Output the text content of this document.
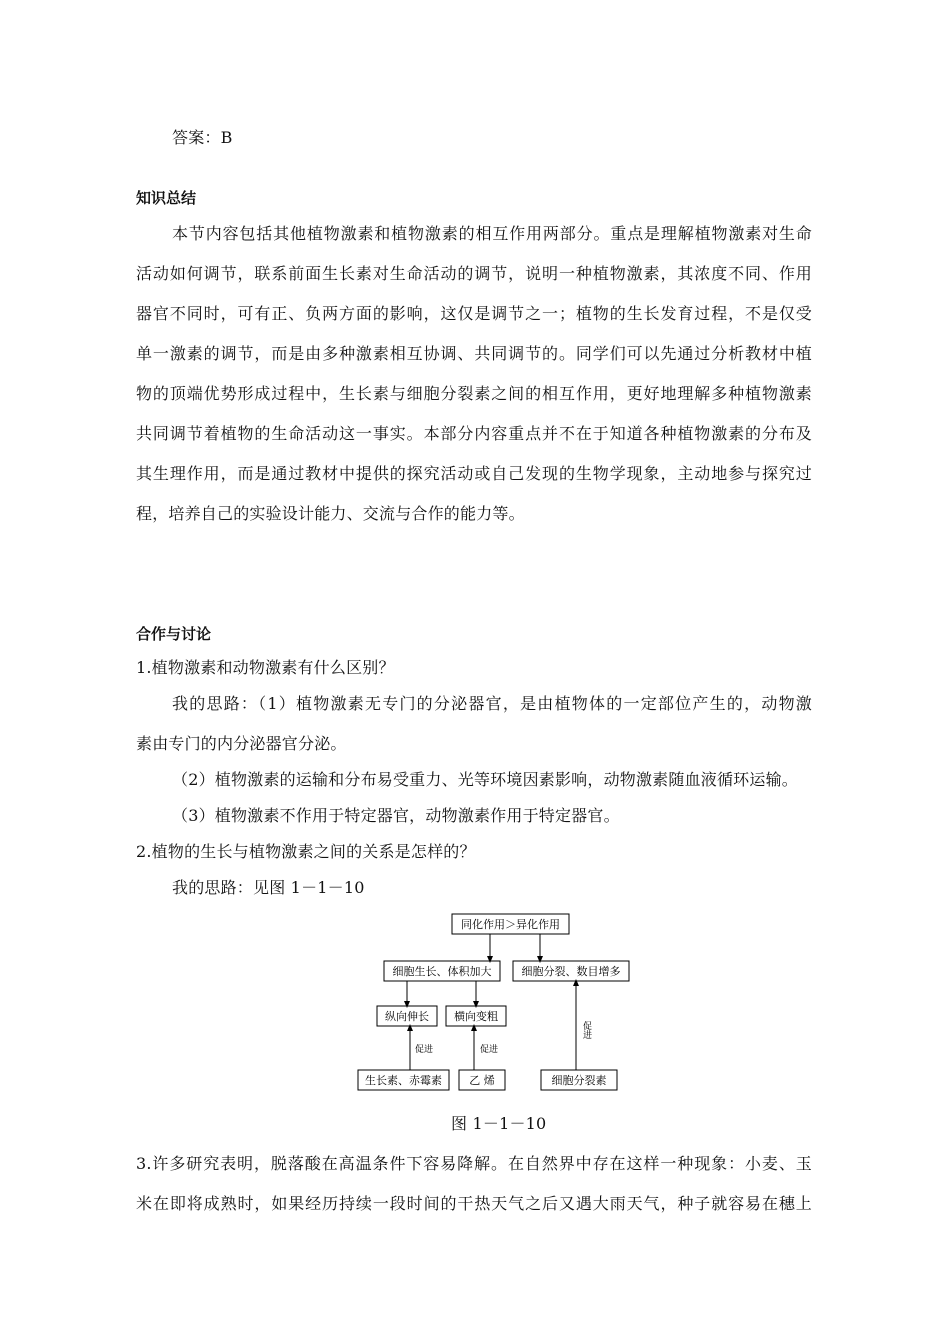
答案：B
知识总结
本节内容包括其他植物激素和植物激素的相互作用两部分。重点是理解植物激素对生命
活动如何调节，联系前面生长素对生命活动的调节，说明一种植物激素，其浓度不同、作用
器官不同时，可有正、负两方面的影响，这仅是调节之一；植物的生长发育过程，不是仅受
单一激素的调节，而是由多种激素相互协调、共同调节的。同学们可以先通过分析教材中植
物的顶端优势形成过程中，生长素与细胞分裂素之间的相互作用，更好地理解多种植物激素
共同调节着植物的生命活动这一事实。本部分内容重点并不在于知道各种植物激素的分布及
其生理作用，而是通过教材中提供的探究活动或自己发现的生物学现象，主动地参与探究过
程，培养自己的实验设计能力、交流与合作的能力等。
合作与讨论
1.植物激素和动物激素有什么区别？
我的思路：（1）植物激素无专门的分泌器官，是由植物体的一定部位产生的，动物激
素由专门的内分泌器官分泌。
（2）植物激素的运输和分布易受重力、光等环境因素影响，动物激素随血液循环运输。
（3）植物激素不作用于特定器官，动物激素作用于特定器官。
2.植物的生长与植物激素之间的关系是怎样的？
我的思路：见图 1－1－10
同化作用＞异化作用
细胞生长、体积加大	细胞分裂、数目增多
纵向伸长 横向变粗
生长素、赤霉素 乙 烯	细胞分裂素
促进	促进
促进
图 1－1－10
3.许多研究表明，脱落酸在高温条件下容易降解。在自然界中存在这样一种现象：小麦、玉
米在即将成熟时，如果经历持续一段时间的干热天气之后又遇大雨天气，种子就容易在穗上
